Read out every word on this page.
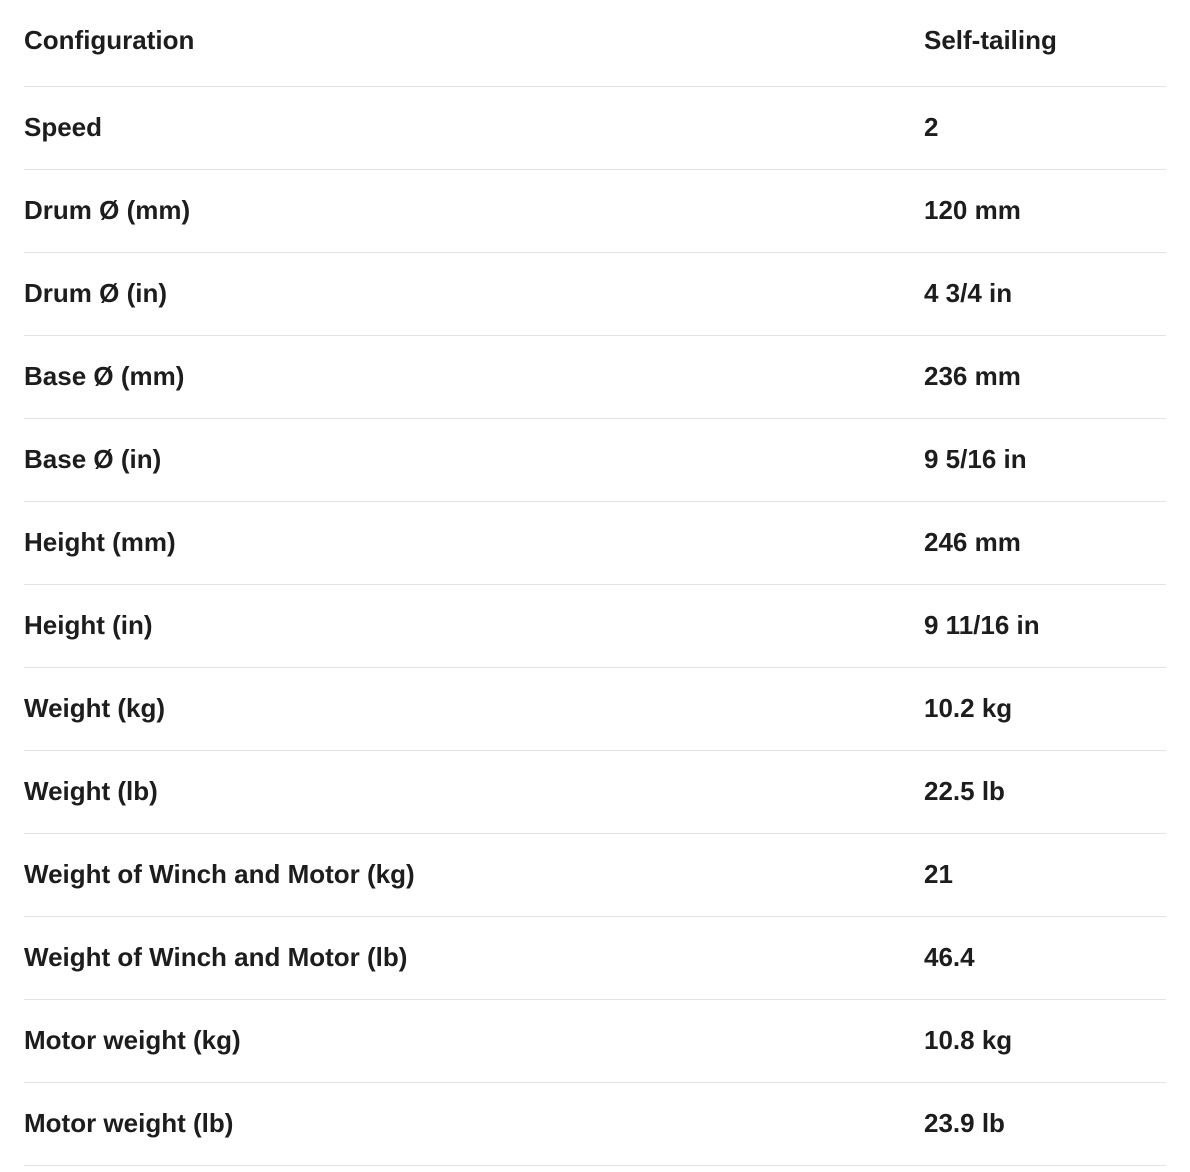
Configuration	Self-tailing
Speed	2
Drum Ø (mm)	120 mm
Drum Ø (in)	4 3/4 in
Base Ø (mm)	236 mm
Base Ø (in)	9 5/16 in
Height (mm)	246 mm
Height (in)	9 11/16 in
Weight (kg)	10.2 kg
Weight (lb)	22.5 lb
Weight of Winch and Motor (kg)	21
Weight of Winch and Motor (lb)	46.4
Motor weight (kg)	10.8 kg
Motor weight (lb)	23.9 lb
